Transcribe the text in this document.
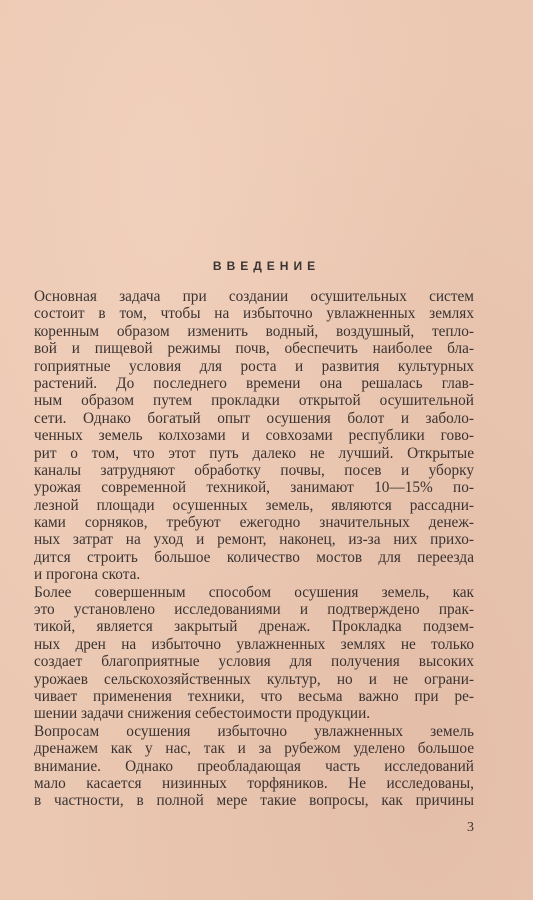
ВВЕДЕНИЕ
Основная задача при создании осушительных систем
состоит в том, чтобы на избыточно увлажненных землях
коренным образом изменить водный, воздушный, тепло-
вой и пищевой режимы почв, обеспечить наиболее бла-
гоприятные условия для роста и развития культурных
растений. До последнего времени она решалась глав-
ным образом путем прокладки открытой осушительной
сети. Однако богатый опыт осушения болот и заболо-
ченных земель колхозами и совхозами республики гово-
рит о том, что этот путь далеко не лучший. Открытые
каналы затрудняют обработку почвы, посев и уборку
урожая современной техникой, занимают 10—15% по-
лезной площади осушенных земель, являются рассадни-
ками сорняков, требуют ежегодно значительных денеж-
ных затрат на уход и ремонт, наконец, из-за них прихо-
дится строить большое количество мостов для переезда
и прогона скота.
Более совершенным способом осушения земель, как
это установлено исследованиями и подтверждено прак-
тикой, является закрытый дренаж. Прокладка подзем-
ных дрен на избыточно увлажненных землях не только
создает благоприятные условия для получения высоких
урожаев сельскохозяйственных культур, но и не ограни-
чивает применения техники, что весьма важно при ре-
шении задачи снижения себестоимости продукции.
Вопросам осушения избыточно увлажненных земель
дренажем как у нас, так и за рубежом уделено большое
внимание. Однако преобладающая часть исследований
мало касается низинных торфяников. Не исследованы,
в частности, в полной мере такие вопросы, как причины
3
